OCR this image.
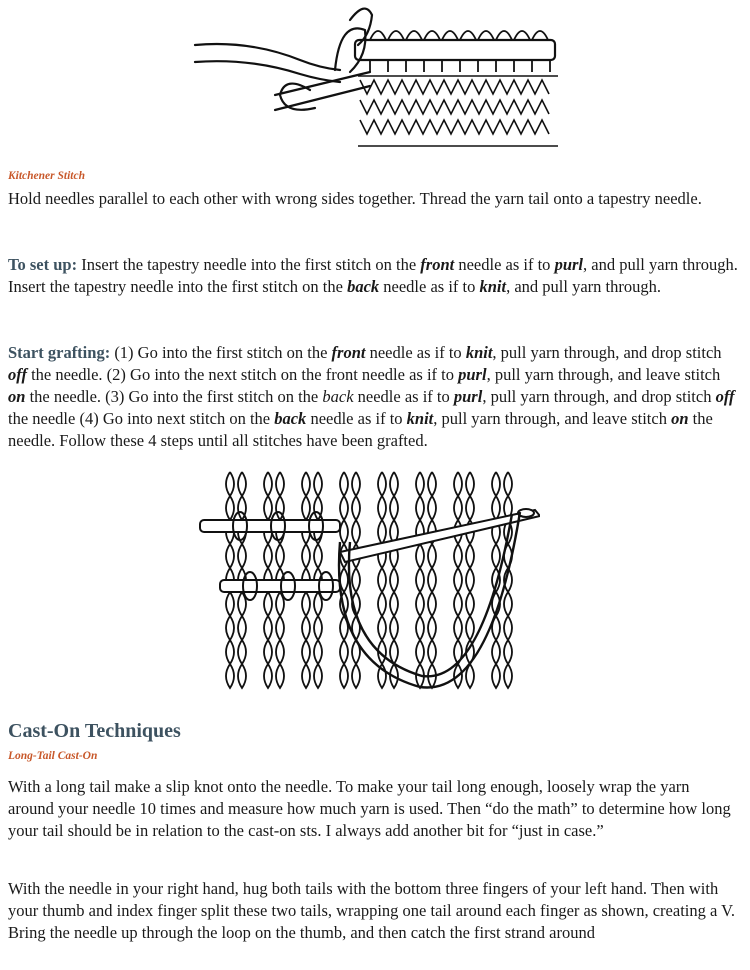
Kitchener Stitch

Hold needles parallel to each other with wrong sides together. Thread the yarn tail onto a tapestry needle.

To set up: Insert the tapestry needle into the first stitch on the front needle as if to purl, and pull yarn through. Insert the tapestry needle into the first stitch on the back needle as if to knit, and pull yarn through.

Start grafting: (1) Go into the first stitch on the front needle as if to knit, pull yarn through, and drop stitch off the needle. (2) Go into the next stitch on the front needle as if to purl, pull yarn through, and leave stitch on the needle. (3) Go into the first stitch on the back needle as if to purl, pull yarn through, and drop stitch off the needle (4) Go into next stitch on the back needle as if to knit, pull yarn through, and leave stitch on the needle. Follow these 4 steps until all stitches have been grafted.

Cast-On Techniques
Long-Tail Cast-On

With a long tail make a slip knot onto the needle. To make your tail long enough, loosely wrap the yarn around your needle 10 times and measure how much yarn is used. Then “do the math” to determine how long your tail should be in relation to the cast-on sts. I always add another bit for “just in case.”

With the needle in your right hand, hug both tails with the bottom three fingers of your left hand. Then with your thumb and index finger split these two tails, wrapping one tail around each finger as shown, creating a V. Bring the needle up through the loop on the thumb, and then catch the first strand around
